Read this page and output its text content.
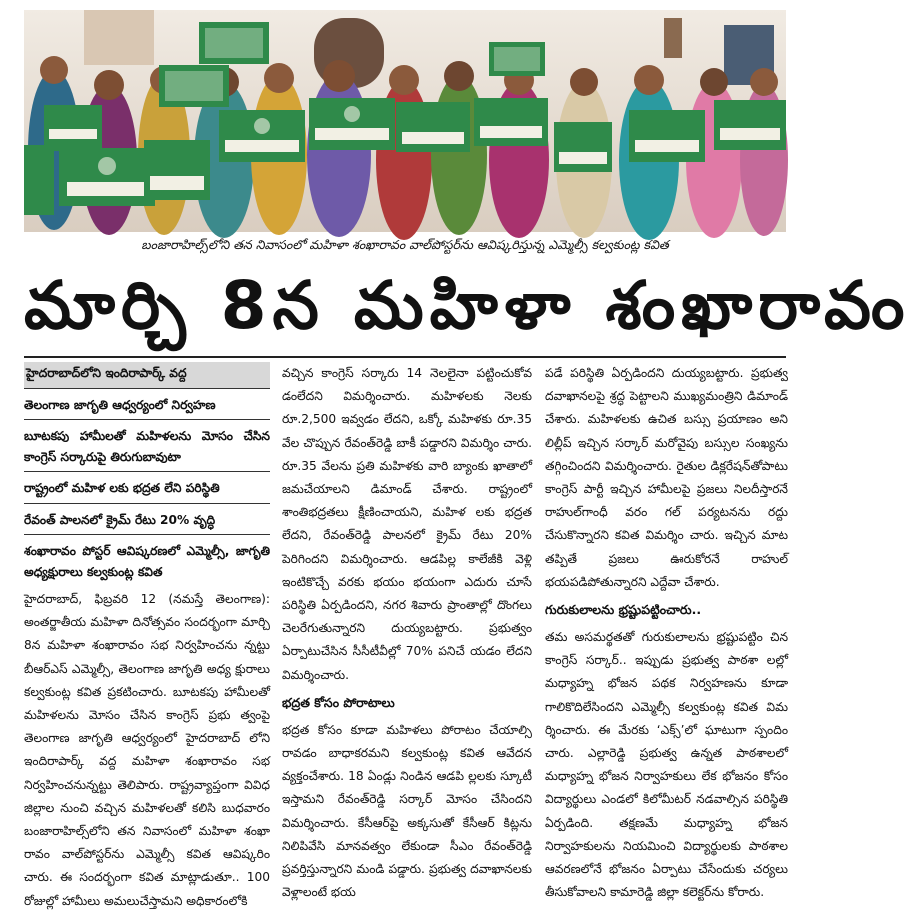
బంజారాహిల్స్‌లోని తన నివాసంలో మహిళా శంఖారావం వాల్‌పోస్టర్‌ను ఆవిష్కరిస్తున్న ఎమ్మెల్సీ కల్వకుంట్ల కవిత
మార్చి 8న మహిళా శంఖారావం
హైదరాబాద్‌లోని ఇందిరాపార్క్ వద్ద
తెలంగాణ జాగృతి ఆధ్వర్యంలో నిర్వహణ
బూటకపు హామీలతో మహిళలను మోసం చేసిన కాంగ్రెస్ సర్కారుపై తిరుగుబావుటా
రాష్ట్రంలో మహిళ లకు భద్రత లేని పరిస్థితి
రేవంత్ పాలనలో క్రైమ్ రేటు 20% వృద్ధి
శంఖారావం పోస్టర్ ఆవిష్కరణలో ఎమ్మెల్సీ, జాగృతి అధ్యక్షురాలు కల్వకుంట్ల కవిత

హైదరాబాద్, ఫిబ్రవరి 12 (నమస్తే తెలంగాణ): అంతర్జాతీయ మహిళా దినోత్సవం సందర్భంగా మార్చి 8న మహిళా శంఖారావం సభ నిర్వహించను న్నట్టు బీఆర్‌ఎస్ ఎమ్మెల్సీ, తెలంగాణ జాగృతి అధ్య క్షురాలు కల్వకుంట్ల కవిత ప్రకటించారు. బూటకపు హామీలతో మహిళలను మోసం చేసిన కాంగ్రెస్ ప్రభు త్వంపై తెలంగాణ జాగృతి ఆధ్వర్యంలో హైదరాబాద్ లోని ఇందిరాపార్క్ వద్ద మహిళా శంఖారావం సభ నిర్వహించనున్నట్టు తెలిపారు. రాష్ట్రవ్యాప్తంగా వివిధ జిల్లాల నుంచి వచ్చిన మహిళలతో కలిసి బుధవారం బంజారాహిల్స్‌లోని తన నివాసంలో మహిళా శంఖా రావం వాల్‌పోస్టర్‌ను ఎమ్మెల్సీ కవిత ఆవిష్కరిం చారు. ఈ సందర్భంగా కవిత మాట్లాడుతూ.. 100 రోజుల్లో హామీలు అమలుచేస్తామని అధికారంలోకి

వచ్చిన కాంగ్రెస్ సర్కారు 14 నెలలైనా పట్టించుకోవ డంలేదని విమర్శించారు. మహిళలకు నెలకు రూ.2,500 ఇవ్వడం లేదని, ఒక్కో మహిళకు రూ.35 వేల చొప్పున రేవంత్‌రెడ్డి బాకీ పడ్డారని విమర్శిం చారు. రూ.35 వేలను ప్రతి మహిళకు వారి బ్యాంకు ఖాతాలో జమచేయాలని డిమాండ్ చేశారు. రాష్ట్రంలో శాంతిభద్రతలు క్షీణించాయని, మహిళ లకు భద్రత లేదని, రేవంత్‌రెడ్డి పాలనలో క్రైమ్ రేటు 20% పెరిగిందని విమర్శించారు. ఆడపిల్ల కాలేజీకి వెళ్లి ఇంటికొచ్చే వరకు భయం భయంగా ఎదురు చూసే పరిస్థితి ఏర్పడిందని, నగర శివారు ప్రాంతాల్లో దొంగలు చెలరేగుతున్నారని దుయ్యబట్టారు. ప్రభుత్వం ఏర్పాటుచేసిన సీసీటీవీల్లో 70% పనిచే యడం లేదని విమర్శించారు.

భద్రత కోసం పోరాటాలు

భద్రత కోసం కూడా మహిళలు పోరాటం చేయాల్సి రావడం బాధాకరమని కల్వకుంట్ల కవిత ఆవేదన వ్యక్తంచేశారు. 18 ఏండ్లు నిండిన ఆడపి ల్లలకు స్కూటీ ఇస్తామని రేవంత్‌రెడ్డి సర్కార్ మోసం చేసిందని విమర్శించారు. కేసీఆర్‌పై అక్కసుతో కేసీఆర్ కిట్లను నిలిపివేసి మానవత్వం లేకుండా సీఎం రేవంత్‌రెడ్డి ప్రవర్తిస్తున్నారని మండి పడ్డారు. ప్రభుత్వ దవాఖానలకు వెళ్లాలంటే భయ

పడే పరిస్థితి ఏర్పడిందని దుయ్యబట్టారు. ప్రభుత్వ దవాఖానలపై శ్రద్ధ పెట్టాలని ముఖ్యమంత్రిని డిమాండ్ చేశారు. మహిళలకు ఉచిత బస్సు ప్రయాణం అని లిల్లీప్ ఇచ్చిన సర్కార్ మరోవైపు బస్సుల సంఖ్యను తగ్గించిందని విమర్శించారు. రైతుల డిక్లరేషన్‌తోపాటు కాంగ్రెస్ పార్టీ ఇచ్చిన హామీలపై ప్రజలు నిలదీస్తారనే రాహుల్‌గాంధీ వరం గల్ పర్యటనను రద్దు చేసుకొన్నారని కవిత విమర్శిం చారు. ఇచ్చిన మాట తప్పితే ప్రజలు ఊరుకోరనే రాహుల్ భయపడిపోతున్నారని ఎద్దేవా చేశారు.

గురుకులాలను భ్రష్టుపట్టించారు..

తమ అసమర్థతతో గురుకులాలను భ్రష్టుపట్టిం చిన కాంగ్రెస్ సర్కార్.. ఇప్పుడు ప్రభుత్వ పాఠశా లల్లో మధ్యాహ్న భోజన పథక నిర్వహణను కూడా గాలికొదిలేసిందని ఎమ్మెల్సీ కల్వకుంట్ల కవిత విమ ర్శించారు. ఈ మేరకు ‘ఎక్స్’లో ఘాటుగా స్పందిం చారు. ఎల్లారెడ్డి ప్రభుత్వ ఉన్నత పాఠశాలలో మధ్యాహ్న భోజన నిర్వాహకులు లేక భోజనం కోసం విద్యార్థులు ఎండలో కిలోమీటర్ నడవాల్సిన పరిస్థితి ఏర్పడింది. తక్షణమే మధ్యాహ్న భోజన నిర్వాహకులను నియమించి విద్యార్థులకు పాఠశాల ఆవరణలోనే భోజనం ఏర్పాటు చేసేందుకు చర్యలు తీసుకోవాలని కామారెడ్డి జిల్లా కలెక్టర్‌ను కోరారు.
